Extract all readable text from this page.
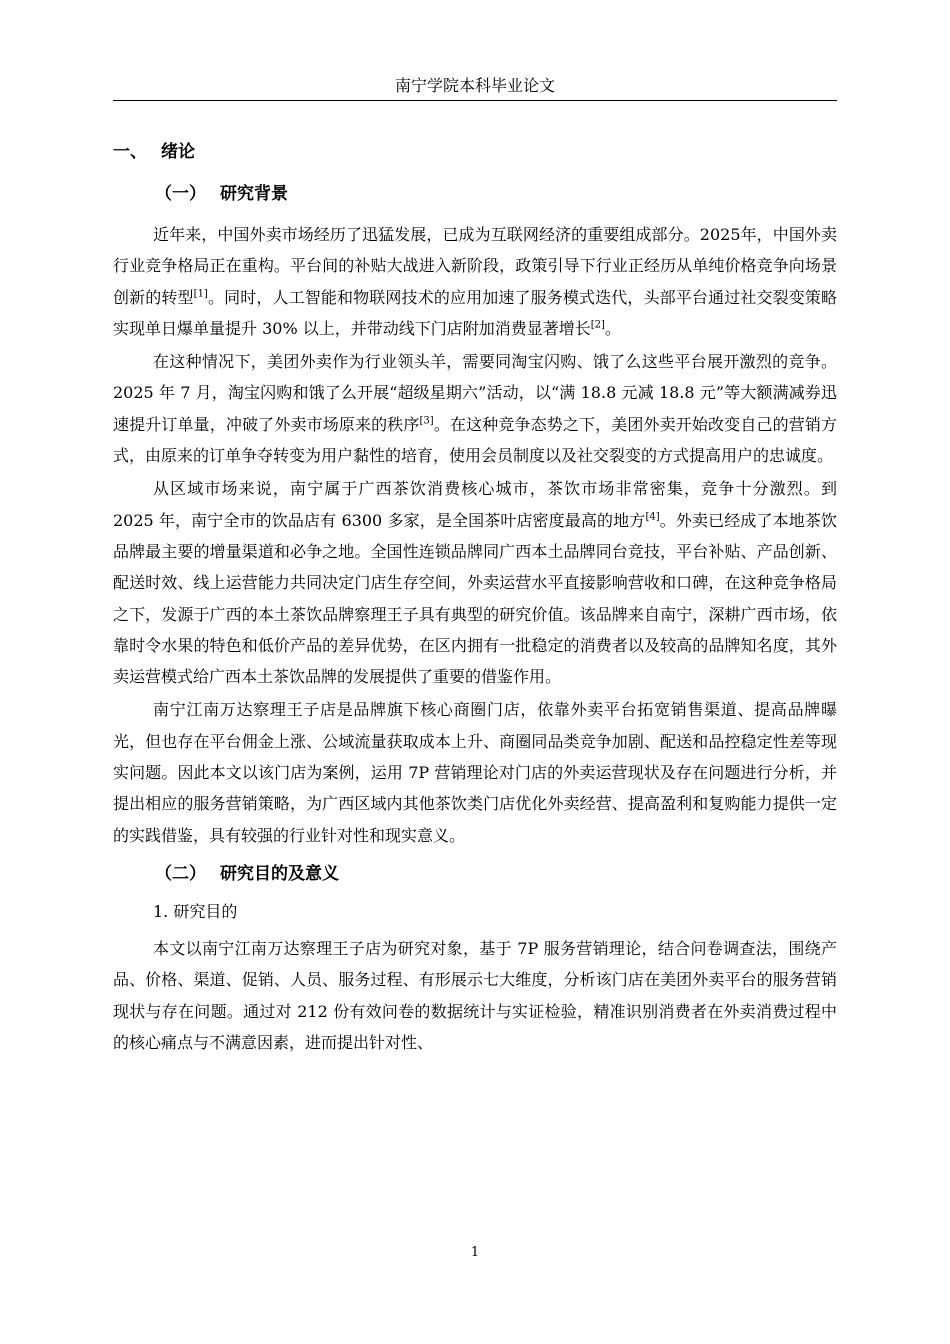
南宁学院本科毕业论文
一、 绪论
（一） 研究背景

近年来，中国外卖市场经历了迅猛发展，已成为互联网经济的重要组成部分。2025年，中国外卖行业竞争格局正在重构。平台间的补贴大战进入新阶段，政策引导下行业正经历从单纯价格竞争向场景创新的转型[1]。同时，人工智能和物联网技术的应用加速了服务模式迭代，头部平台通过社交裂变策略实现单日爆单量提升 30% 以上，并带动线下门店附加消费显著增长[2]。

在这种情况下，美团外卖作为行业领头羊，需要同淘宝闪购、饿了么这些平台展开激烈的竞争。2025 年 7 月，淘宝闪购和饿了么开展“超级星期六”活动，以“满 18.8 元减 18.8 元”等大额满减券迅速提升订单量，冲破了外卖市场原来的秩序[3]。在这种竞争态势之下，美团外卖开始改变自己的营销方式，由原来的订单争夺转变为用户黏性的培育，使用会员制度以及社交裂变的方式提高用户的忠诚度。

从区域市场来说，南宁属于广西茶饮消费核心城市，茶饮市场非常密集，竞争十分激烈。到 2025 年，南宁全市的饮品店有 6300 多家，是全国茶叶店密度最高的地方[4]。外卖已经成了本地茶饮品牌最主要的增量渠道和必争之地。全国性连锁品牌同广西本土品牌同台竞技，平台补贴、产品创新、配送时效、线上运营能力共同决定门店生存空间，外卖运营水平直接影响营收和口碑，在这种竞争格局之下，发源于广西的本土茶饮品牌察理王子具有典型的研究价值。该品牌来自南宁，深耕广西市场，依靠时令水果的特色和低价产品的差异优势，在区内拥有一批稳定的消费者以及较高的品牌知名度，其外卖运营模式给广西本土茶饮品牌的发展提供了重要的借鉴作用。

南宁江南万达察理王子店是品牌旗下核心商圈门店，依靠外卖平台拓宽销售渠道、提高品牌曝光，但也存在平台佣金上涨、公域流量获取成本上升、商圈同品类竞争加剧、配送和品控稳定性差等现实问题。因此本文以该门店为案例，运用 7P 营销理论对门店的外卖运营现状及存在问题进行分析，并提出相应的服务营销策略，为广西区域内其他茶饮类门店优化外卖经营、提高盈利和复购能力提供一定的实践借鉴，具有较强的行业针对性和现实意义。

（二） 研究目的及意义
1. 研究目的

本文以南宁江南万达察理王子店为研究对象，基于 7P 服务营销理论，结合问卷调查法，围绕产品、价格、渠道、促销、人员、服务过程、有形展示七大维度，分析该门店在美团外卖平台的服务营销现状与存在问题。通过对 212 份有效问卷的数据统计与实证检验，精准识别消费者在外卖消费过程中的核心痛点与不满意因素，进而提出针对性、

1
